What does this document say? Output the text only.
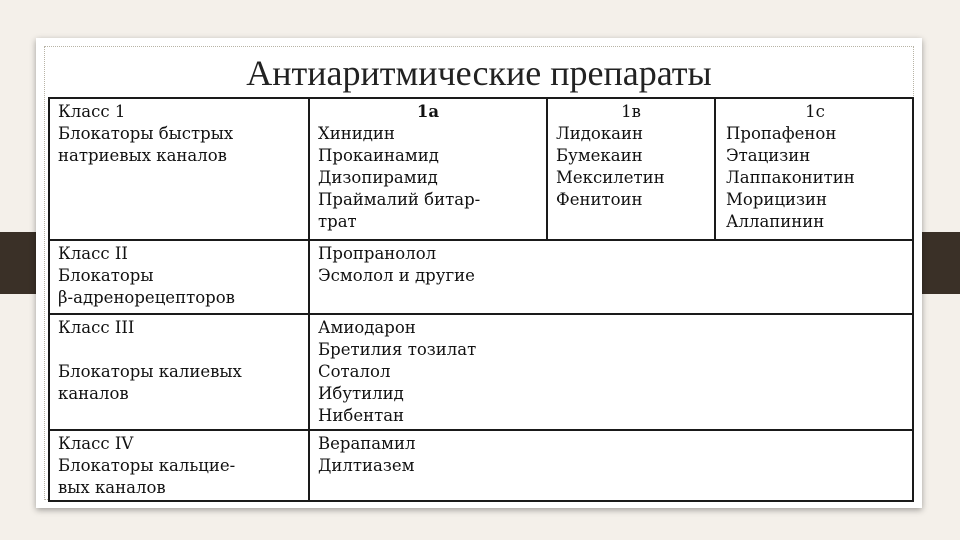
Антиаритмические препараты
Класс 1
Блокаторы быстрых
натриевых каналов
1а
Хинидин
Прокаинамид
Дизопирамид
Праймалий битар-
трат
1в
Лидокаин
Бумекаин
Мексилетин
Фенитоин
1с
Пропафенон
Этацизин
Лаппаконитин
Морицизин
Аллапинин
Класс II
Блокаторы
β-адренорецепторов
Пропранолол
Эсмолол и другие
Класс III
Блокаторы калиевых
каналов
Амиодарон
Бретилия тозилат
Соталол
Ибутилид
Нибентан
Класс IV
Блокаторы кальцие-
вых каналов
Верапамил
Дилтиазем
